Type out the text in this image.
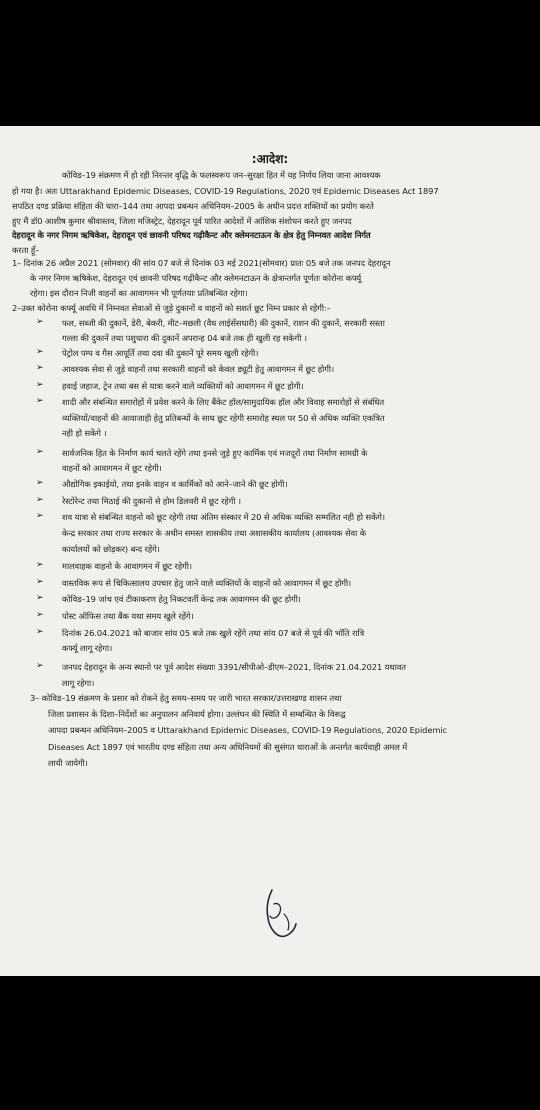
:आदेश:
कोविड–19 संक्रमण में हो रही निरन्तर वृद्धि के फलस्वरूप जन–सुरक्षा हित में यह निर्णय लिया जाना आवश्यक
हो गया है। अतः Uttarakhand Epidemic Diseases, COVID-19 Regulations, 2020 एवं Epidemic Diseases Act 1897
सपठित दण्ड प्रक्रिया संहिता की धारा–144 तथा आपदा प्रबन्धन अधिनियम–2005 के अधीन प्रदत्त शक्तियों का प्रयोग करते
हुए मैं डॉ0 आशीष कुमार श्रीवास्तव, जिला मजिस्ट्रेट, देहरादून पूर्व पारित आदेशों में आंशिक संशोधन करते हुए जनपद
देहरादून के नगर निगम ऋषिकेश, देहरादून एवं छावनी परिषद गढ़ीकैन्ट और क्लेमनटाऊन के क्षेत्र हेतु निम्नवत आदेश निर्गत
करता हूँ–
1– दिनांक 26 अप्रैल 2021 (सोमवार) की सांय 07 बजे से दिनांक 03 मई 2021(सोमवार) प्रातः 05 बजे तक जनपद देहरादून
के नगर निगम ऋषिकेश, देहरादून एवं छावनी परिषद गढ़ीकैन्ट और क्लेमनटाऊन के क्षेत्रान्तर्गत पूर्णतः कोरोना कर्फ्यू
रहेगा। इस दौरान निजी वाहनों का आवागमन भी पूर्णतयाः प्रतिबन्धित रहेगा।
2–उक्त कोरोना कर्फ्यू अवधि में निम्नवत सेवाओं से जुड़े दुकानों व वाहनों को सशर्त छूट निम्न प्रकार से रहेगी:–
➢ फल, सब्जी की दुकानें, डेरी, बेकरी, मीट–मछली (वैध लाईसेंसधारी) की दुकानें, राशन की दुकानें, सरकारी सस्ता
गल्ला की दुकानें तथा पशुधारा की दुकानें अपरान्ह 04 बजे तक ही खुली रह सकेगी ।
➢ पेट्रोल पम्प व गैस आपूर्ति तथा दवा की दुकानें पूरे समय खुली रहेगी।
➢ आवश्यक सेवा से जुड़े वाहनों तथा सरकारी वाहनों को केवल ड्यूटी हेतु आवागमन में छूट होगी।
➢ हवाई जहाज, ट्रेन तथा बस से यात्रा करने वाले व्यक्तियों को आवागमन में छूट होगी।
➢ शादी और संबन्धित समारोहों में प्रवेश करने के लिए बैंकेट हॉल/सामुदायिक हॉल और विवाह समारोहों से संबंधित
व्यक्तियों/वाहनों की आवाजाही हेतु प्रतिबन्धों के साथ छूट रहेगी समारोह स्थल पर 50 से अधिक व्यक्ति एकत्रित
नही हो सकेंगे ।
➢ सार्वजनिक हित के निर्माण कार्य चलते रहेंगे तथा इनसे जुड़े हुए कार्मिक एवं मजदूरों तथा निर्माण सामग्री के
वाहनों को आवागमन में छूट रहेगी।
➢ औद्योगिक इकाईयो, तथा इनके वाहन व कार्मिकों को आने–जाने की छूट होगी।
➢ रेस्टोरेन्ट तथा मिठाई की दुकानों से होम डिलवरी में छूट रहेगी ।
➢ शव यात्रा से संबन्धित वाहनो को छूट रहेगी तथा अंतिम संस्कार में 20 से अधिक व्यक्ति सम्मलित नही हो सकेंगे।
केन्द्र सरकार तथा राज्य सरकार के अधीन समस्त शासकीय तथा अशासकीय कार्यालय (आवश्यक सेवा के
कार्यालयों को छोड़कर) बन्द रहेंगे।
➢ मालवाहक वाहनो के आवागमन में छूट रहेगी।
➢ वास्तविक रूप से चिकित्सालय उपचार हेतु जाने वाले व्यक्तियों के वाहनों को आवागमन में छूट होगी।
➢ कोविड–19 जांच एवं टीकाकरण हेतु निकटवर्ती केन्द्र तक आवागमन की छूट होगी।
➢ पोस्ट ऑफिस तथा बैंक यथा समय खुले रहेंगे।
➢ दिनांक 26.04.2021 को बाजार सांय 05 बजे तक खुले रहेंगे तथा सांय 07 बजे से पूर्व की भॉति रात्रि
कर्फ्यू लागू रहेगा।
➢ जनपद देहरादून के अन्य स्थानो पर पूर्व आदेश संख्याः 3391/सीपीओ–डीएम–2021, दिनांक 21.04.2021 यथावत
लागू रहेगा।
3– कोविड–19 संक्रमण के प्रसार को रोकने हेतु समय–समय पर जारी भारत सरकार/उत्तराखण्ड शासन तथा
जिला प्रशासन के दिशा–निर्देशों का अनुपालन अनिवार्य होगा। उल्लंघन की स्थिति में सम्बन्धित के विरूद्व
आपदा प्रबन्धन अधिनियम–2005 व Uttarakhand Epidemic Diseases, COVID-19 Regulations, 2020 Epidemic
Diseases Act 1897 एवं भारतीय दण्ड संहिता तथा अन्य अधिनियमों की सुसंगत धाराओं के अन्तर्गत कार्यवाही अमल में
लायी जायेगी।
